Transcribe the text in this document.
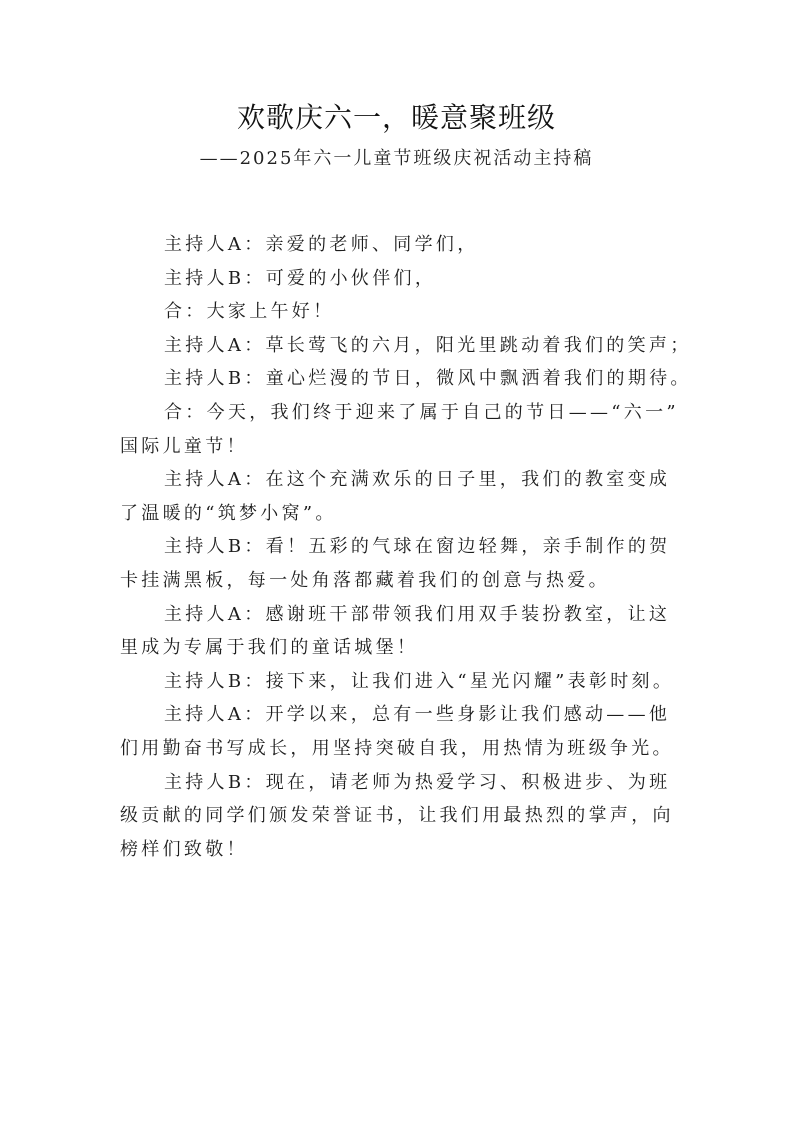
欢歌庆六一，暖意聚班级
——2025年六一儿童节班级庆祝活动主持稿
主持人A：亲爱的老师、同学们，
主持人B：可爱的小伙伴们，
合：大家上午好！
主持人A：草长莺飞的六月，阳光里跳动着我们的笑声；
主持人B：童心烂漫的节日，微风中飘洒着我们的期待。
合：今天，我们终于迎来了属于自己的节日——“六一”
国际儿童节！
主持人A：在这个充满欢乐的日子里，我们的教室变成
了温暖的“筑梦小窝”。
主持人B：看！五彩的气球在窗边轻舞，亲手制作的贺
卡挂满黑板，每一处角落都藏着我们的创意与热爱。
主持人A：感谢班干部带领我们用双手装扮教室，让这
里成为专属于我们的童话城堡！
主持人B：接下来，让我们进入“星光闪耀”表彰时刻。
主持人A：开学以来，总有一些身影让我们感动——他
们用勤奋书写成长，用坚持突破自我，用热情为班级争光。
主持人B：现在，请老师为热爱学习、积极进步、为班
级贡献的同学们颁发荣誉证书，让我们用最热烈的掌声，向
榜样们致敬！
